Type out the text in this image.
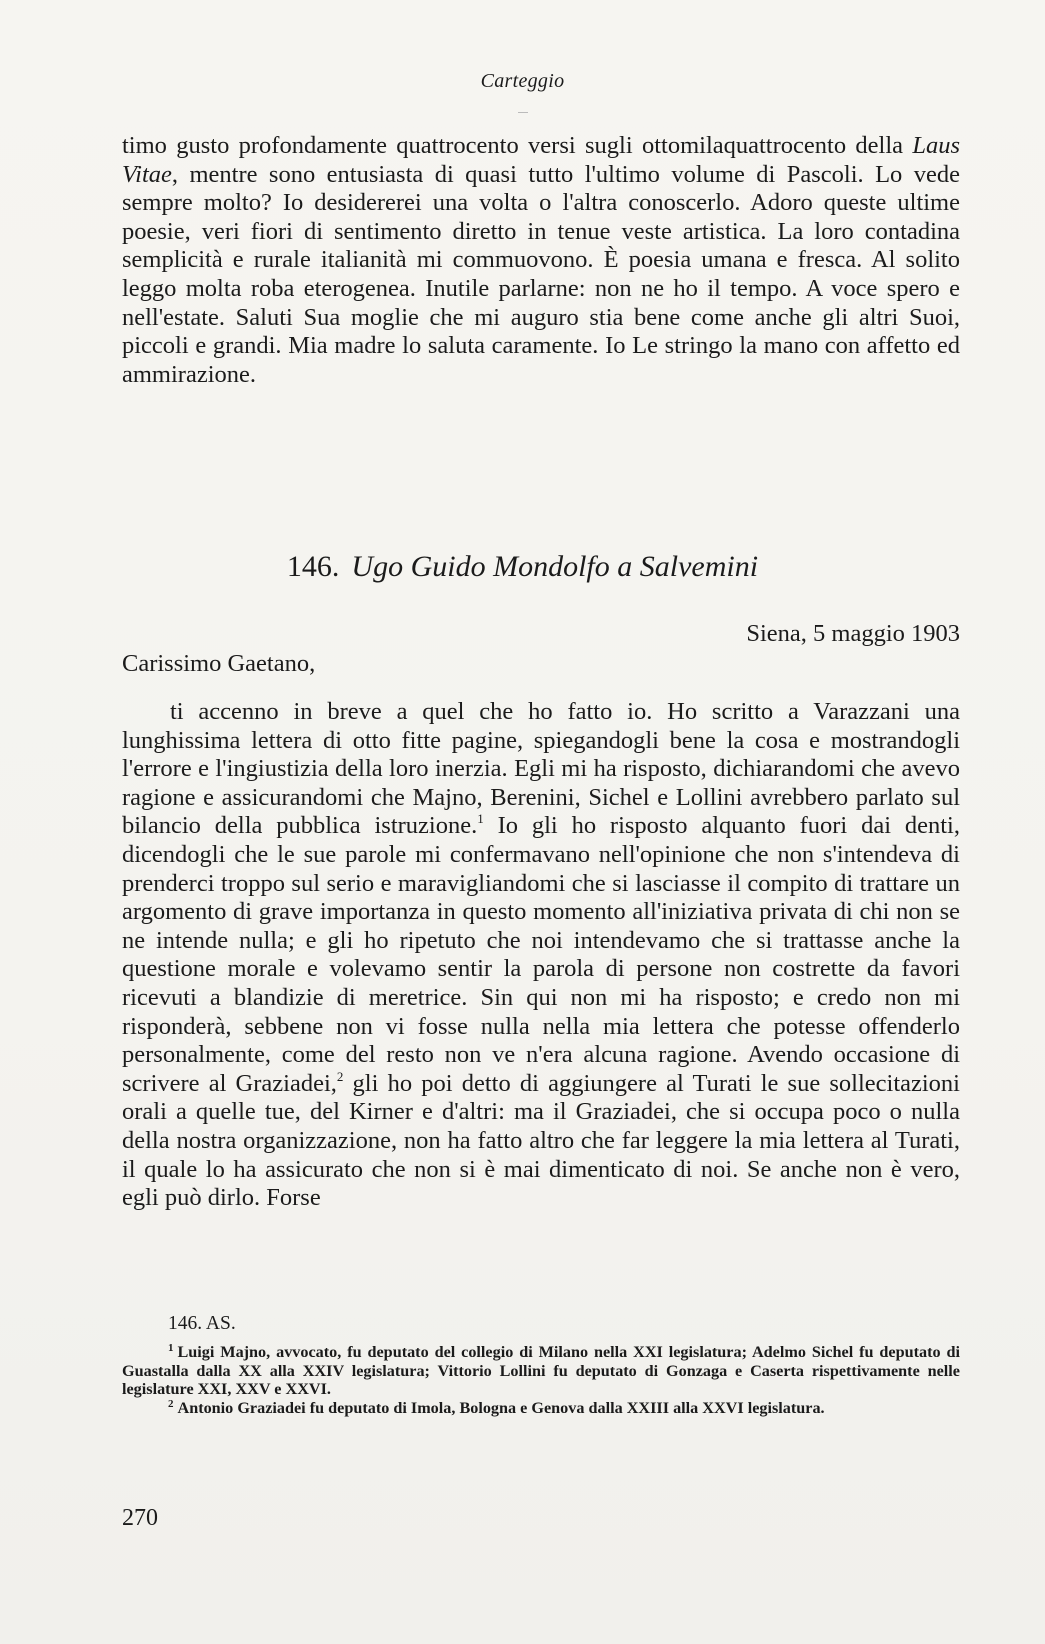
Carteggio

timo gusto profondamente quattrocento versi sugli ottomilaquattrocento della Laus Vitae, mentre sono entusiasta di quasi tutto l'ultimo volume di Pascoli. Lo vede sempre molto? Io desidererei una volta o l'altra conoscerlo. Adoro queste ultime poesie, veri fiori di sentimento diretto in tenue veste artistica. La loro contadina semplicità e rurale italianità mi commuovono. È poesia umana e fresca. Al solito leggo molta roba eterogenea. Inutile parlarne: non ne ho il tempo. A voce spero e nell'estate. Saluti Sua moglie che mi auguro stia bene come anche gli altri Suoi, piccoli e grandi. Mia madre lo saluta caramente. Io Le stringo la mano con affetto ed ammirazione.

146. Ugo Guido Mondolfo a Salvemini
Siena, 5 maggio 1903
Carissimo Gaetano,

ti accenno in breve a quel che ho fatto io. Ho scritto a Varazzani una lunghissima lettera di otto fitte pagine, spiegandogli bene la cosa e mostrandogli l'errore e l'ingiustizia della loro inerzia. Egli mi ha risposto, dichiarandomi che avevo ragione e assicurandomi che Majno, Berenini, Sichel e Lollini avrebbero parlato sul bilancio della pubblica istruzione.$^1$ Io gli ho risposto alquanto fuori dai denti, dicendogli che le sue parole mi confermavano nell'opinione che non s'intendeva di prenderci troppo sul serio e maravigliandomi che si lasciasse il compito di trattare un argomento di grave importanza in questo momento all'iniziativa privata di chi non se ne intende nulla; e gli ho ripetuto che noi intendevamo che si trattasse anche la questione morale e volevamo sentir la parola di persone non costrette da favori ricevuti a blandizie di meretrice. Sin qui non mi ha risposto; e credo non mi risponderà, sebbene non vi fosse nulla nella mia lettera che potesse offenderlo personalmente, come del resto non ve n'era alcuna ragione. Avendo occasione di scrivere al Graziadei,$^2$ gli ho poi detto di aggiungere al Turati le sue sollecitazioni orali a quelle tue, del Kirner e d'altri: ma il Graziadei, che si occupa poco o nulla della nostra organizzazione, non ha fatto altro che far leggere la mia lettera al Turati, il quale lo ha assicurato che non si è mai dimenticato di noi. Se anche non è vero, egli può dirlo. Forse

146. AS.

$^1$ Luigi Majno, avvocato, fu deputato del collegio di Milano nella XXI legislatura; Adelmo Sichel fu deputato di Guastalla dalla XX alla XXIV legislatura; Vittorio Lollini fu deputato di Gonzaga e Caserta rispettivamente nelle legislature XXI, XXV e XXVI.

$^2$ Antonio Graziadei fu deputato di Imola, Bologna e Genova dalla XXIII alla XXVI legislatura.

270
